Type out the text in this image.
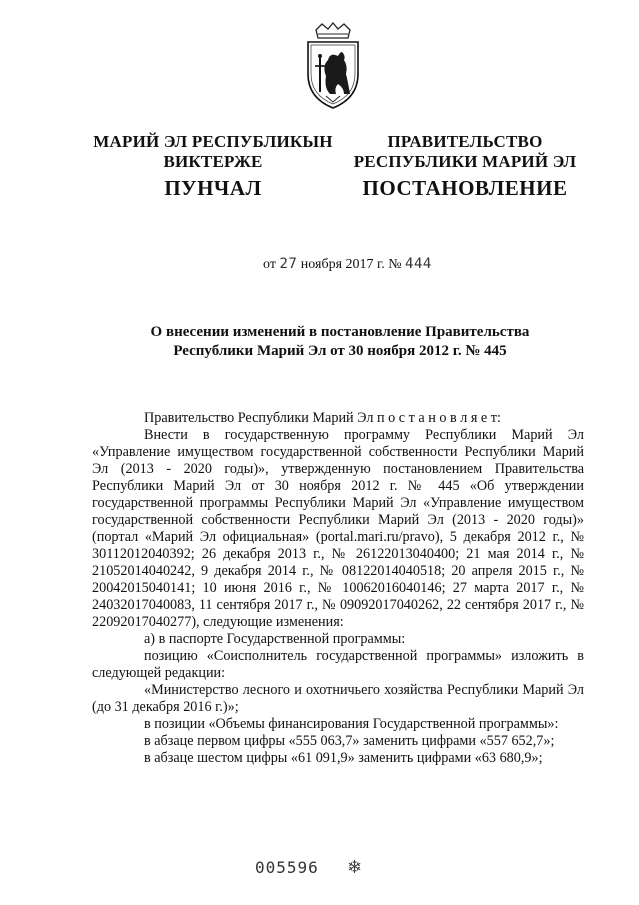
МАРИЙ ЭЛ РЕСПУБЛИКЫН
ВИКТЕРЖЕ
ПУНЧАЛ
ПРАВИТЕЛЬСТВО
РЕСПУБЛИКИ МАРИЙ ЭЛ
ПОСТАНОВЛЕНИЕ
от 27 ноября 2017 г. № 444
О внесении изменений в постановление Правительства
Республики Марий Эл от 30 ноября 2012 г. № 445

Правительство Республики Марий Эл п о с т а н о в л я е т:

Внести в государственную программу Республики Марий Эл «Управление имуществом государственной собственности Республики Марий Эл (2013 - 2020 годы)», утвержденную постановлением Правительства Республики Марий Эл от 30 ноября 2012 г. № 445 «Об утверждении государственной программы Республики Марий Эл «Управление имуществом государственной собственности Республики Марий Эл (2013 - 2020 годы)» (портал «Марий Эл официальная» (portal.mari.ru/pravo), 5 декабря 2012 г., № 30112012040392; 26 декабря 2013 г., № 26122013040400; 21 мая 2014 г., № 21052014040242, 9 декабря 2014 г., № 08122014040518; 20 апреля 2015 г., № 20042015040141; 10 июня 2016 г., № 10062016040146; 27 марта 2017 г., № 24032017040083, 11 сентября 2017 г., № 09092017040262, 22 сентября 2017 г., № 22092017040277), следующие изменения:

а) в паспорте Государственной программы:

позицию «Соисполнитель государственной программы» изложить в следующей редакции:

«Министерство лесного и охотничьего хозяйства Республики Марий Эл (до 31 декабря 2016 г.)»;

в позиции «Объемы финансирования Государственной программы»:

в абзаце первом цифры «555 063,7» заменить цифрами «557 652,7»;

в абзаце шестом цифры «61 091,9» заменить цифрами «63 680,9»;

005596 ❄
